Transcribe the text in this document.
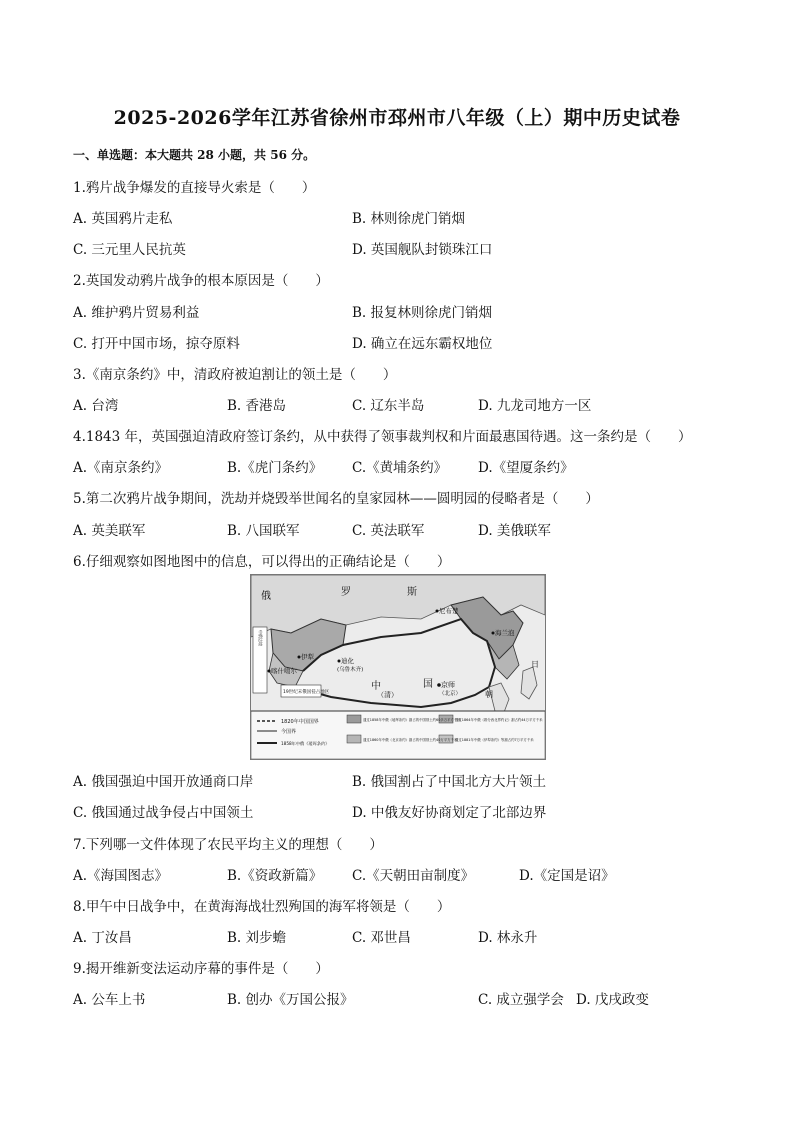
2025-2026学年江苏省徐州市邳州市八年级（上）期中历史试卷
一、单选题：本大题共 28 小题，共 56 分。
1.鸦片战争爆发的直接导火索是（　　）
A. 英国鸦片走私	B. 林则徐虎门销烟
C. 三元里人民抗英	D. 英国舰队封锁珠江口
2.英国发动鸦片战争的根本原因是（　　）
A. 维护鸦片贸易利益	B. 报复林则徐虎门销烟
C. 打开中国市场，掠夺原料	D. 确立在远东霸权地位
3.《南京条约》中，清政府被迫割让的领土是（　　）
A. 台湾	B. 香港岛	C. 辽东半岛	D. 九龙司地方一区
4.1843 年，英国强迫清政府签订条约，从中获得了领事裁判权和片面最惠国待遇。这一条约是（　　）
A.《南京条约》	B.《虎门条约》 C.《黄埔条约》 D.《望厦条约》
5.第二次鸦片战争期间，洗劫并烧毁举世闻名的皇家园林——圆明园的侵略者是（　　）
A. 英美联军	B. 八国联军	C. 英法联军	D. 美俄联军
6.仔细观察如图地图中的信息，可以得出的正确结论是（　　）
俄	罗	斯
尼布楚
海兰泡
伊犁	迪化
(乌鲁木齐)
喀什噶尔
19世纪末俄国侵占地区
中
（清）
国 京师
（北京）	朝
日
中俄边境
1820年中国国界
今国界
1858年中俄《瑷珲条约》
通过1858年中俄《瑷珲条约》割占的中国领土约60多万平方千米
通过1860年中俄《北京条约》割占的中国领土约40万平方千米
通过1864年中俄《勘分西北界约记》割占约44万平方千米
通过1881年中俄《伊犁条约》等割占约7万平方千米
A. 俄国强迫中国开放通商口岸	B. 俄国割占了中国北方大片领土
C. 俄国通过战争侵占中国领土	D. 中俄友好协商划定了北部边界
7.下列哪一文件体现了农民平均主义的理想（　　）
A.《海国图志》	B.《资政新篇》 C.《天朝田亩制度》	D.《定国是诏》
8.甲午中日战争中，在黄海海战壮烈殉国的海军将领是（　　）
A. 丁汝昌	B. 刘步蟾	C. 邓世昌	D. 林永升
9.揭开维新变法运动序幕的事件是（　　）
A. 公车上书	B. 创办《万国公报》	C. 成立强学会 D. 戊戌政变
